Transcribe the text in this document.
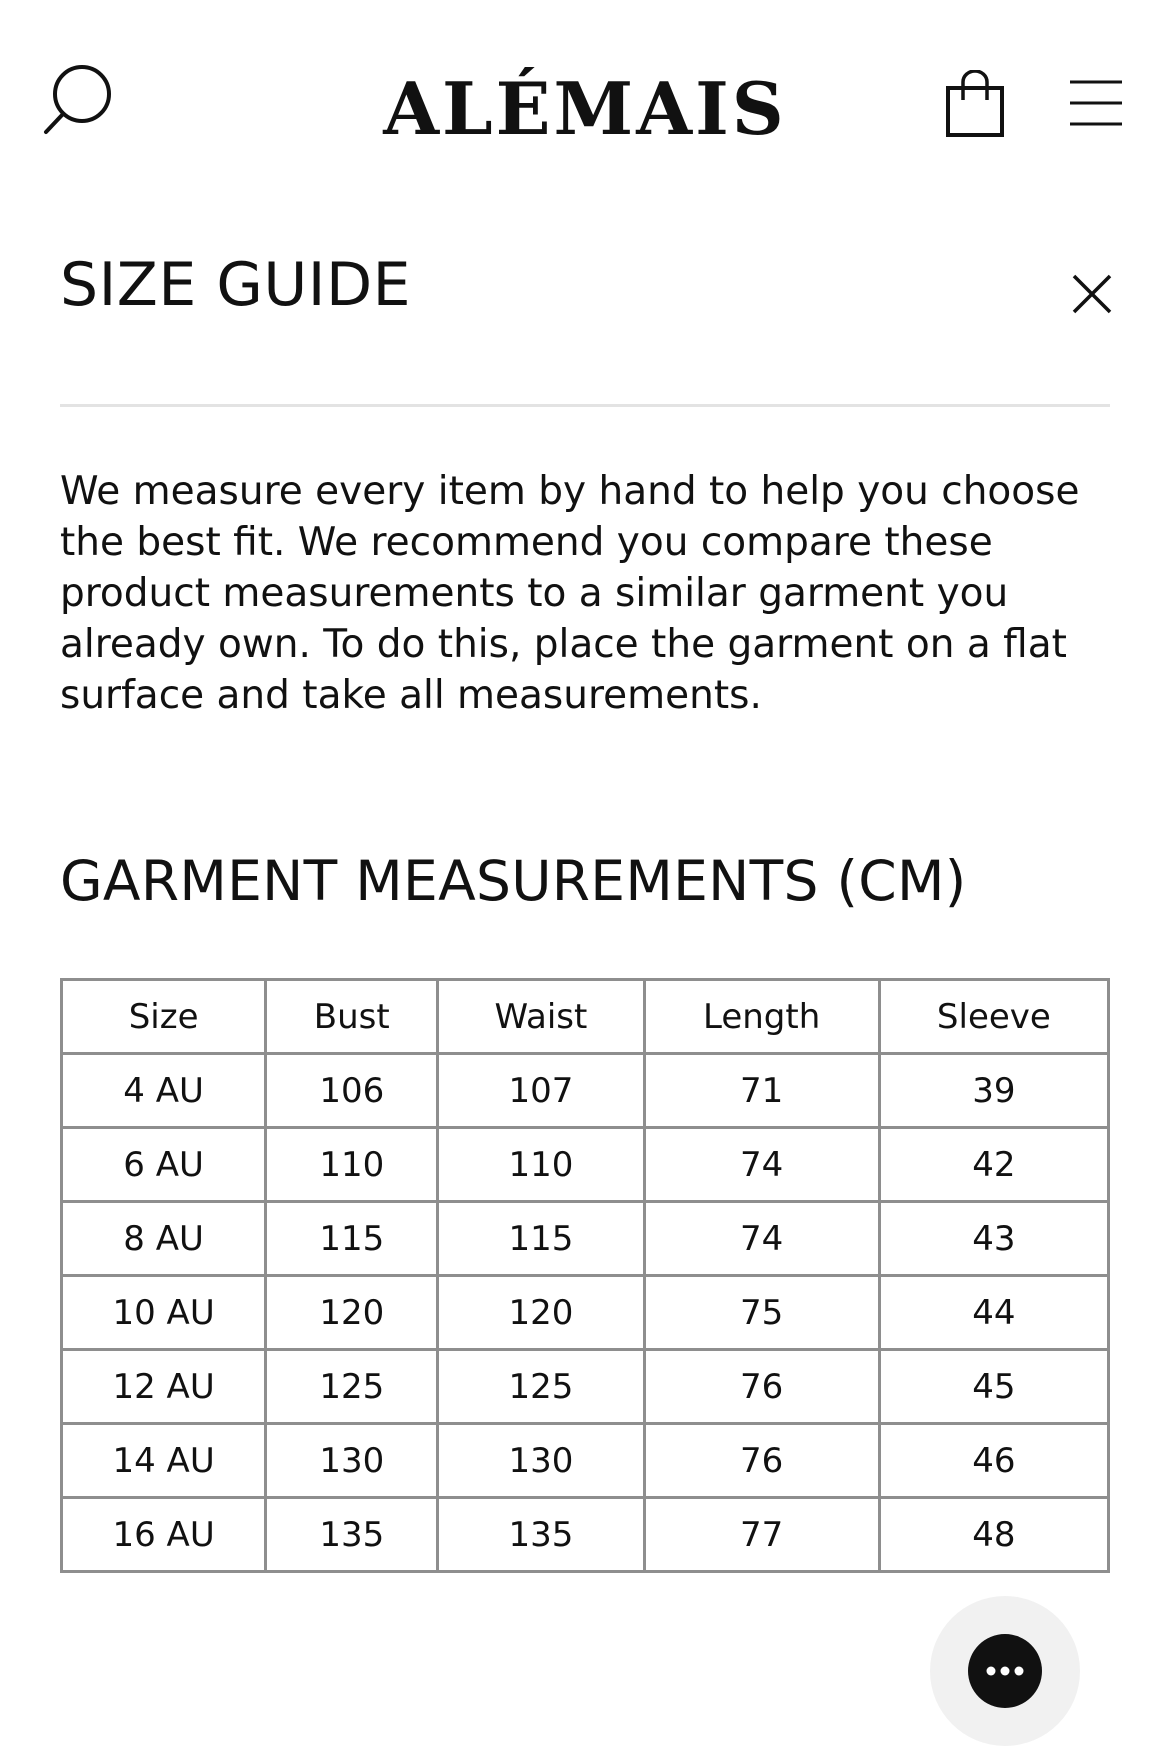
ALÉMAIS
SIZE GUIDE

We measure every item by hand to help you choose the best fit. We recommend you compare these product measurements to a similar garment you already own. To do this, place the garment on a flat surface and take all measurements.

GARMENT MEASUREMENTS (CM)
Size	Bust	Waist	Length	Sleeve
4 AU	106	107	71	39
6 AU	110	110	74	42
8 AU	115	115	74	43
10 AU	120	120	75	44
12 AU	125	125	76	45
14 AU	130	130	76	46
16 AU	135	135	77	48
